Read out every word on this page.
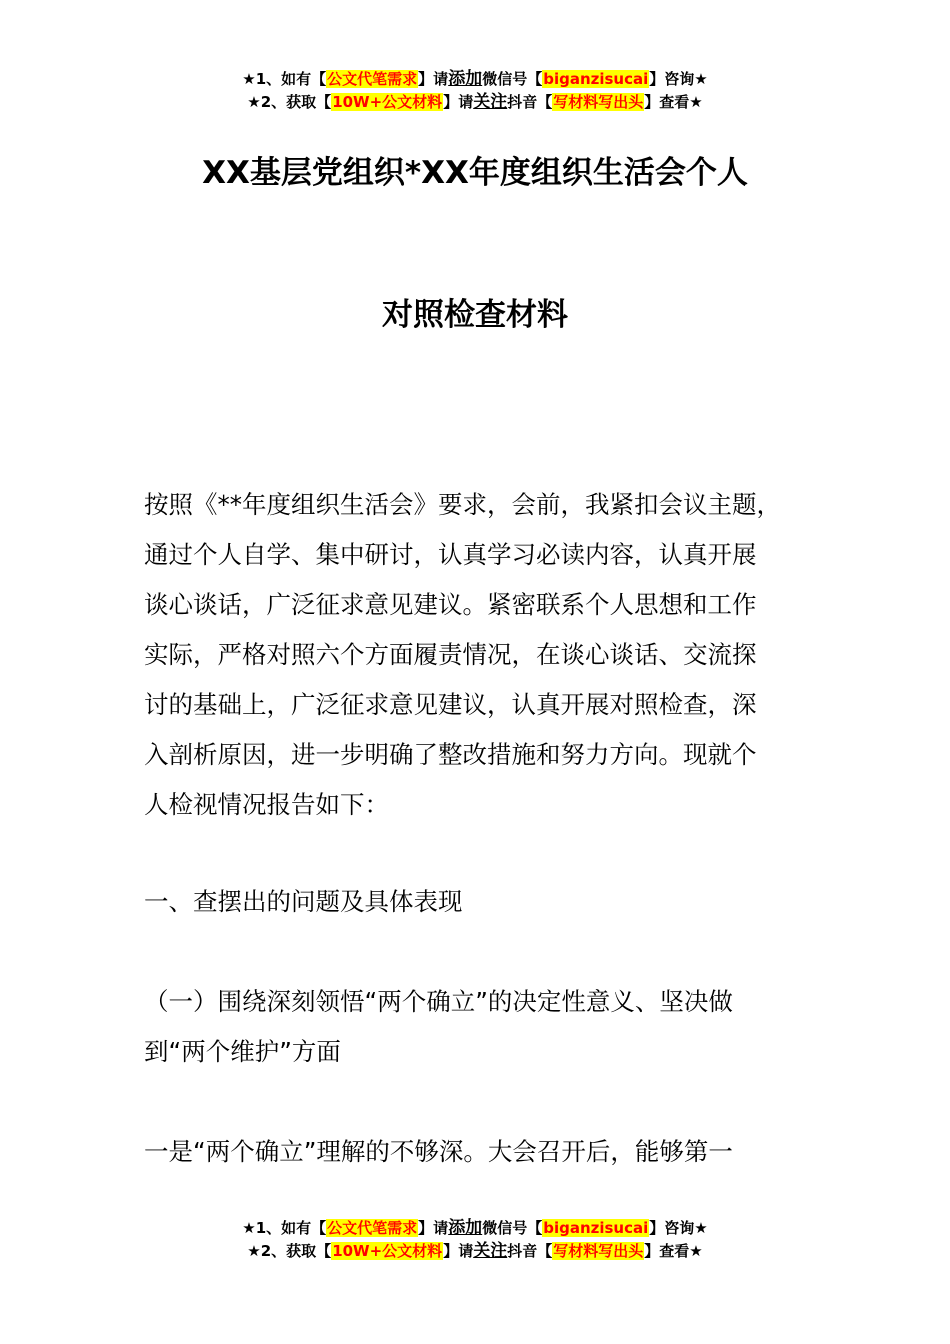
★1、如有【公文代笔需求】请添加微信号【biganzisucai】咨询★
★2、获取【10W+公文材料】请关注抖音【写材料写出头】查看★
XX基层党组织*XX年度组织生活会个人
对照检查材料
按照《**年度组织生活会》要求，会前，我紧扣会议主题，
通过个人自学、集中研讨，认真学习必读内容，认真开展
谈心谈话，广泛征求意见建议。紧密联系个人思想和工作
实际，严格对照六个方面履责情况，在谈心谈话、交流探
讨的基础上，广泛征求意见建议，认真开展对照检查，深
入剖析原因，进一步明确了整改措施和努力方向。现就个
人检视情况报告如下：
一、查摆出的问题及具体表现
（一）围绕深刻领悟“两个确立”的决定性意义、坚决做
到“两个维护”方面
一是“两个确立”理解的不够深。大会召开后，能够第一
★1、如有【公文代笔需求】请添加微信号【biganzisucai】咨询★
★2、获取【10W+公文材料】请关注抖音【写材料写出头】查看★
